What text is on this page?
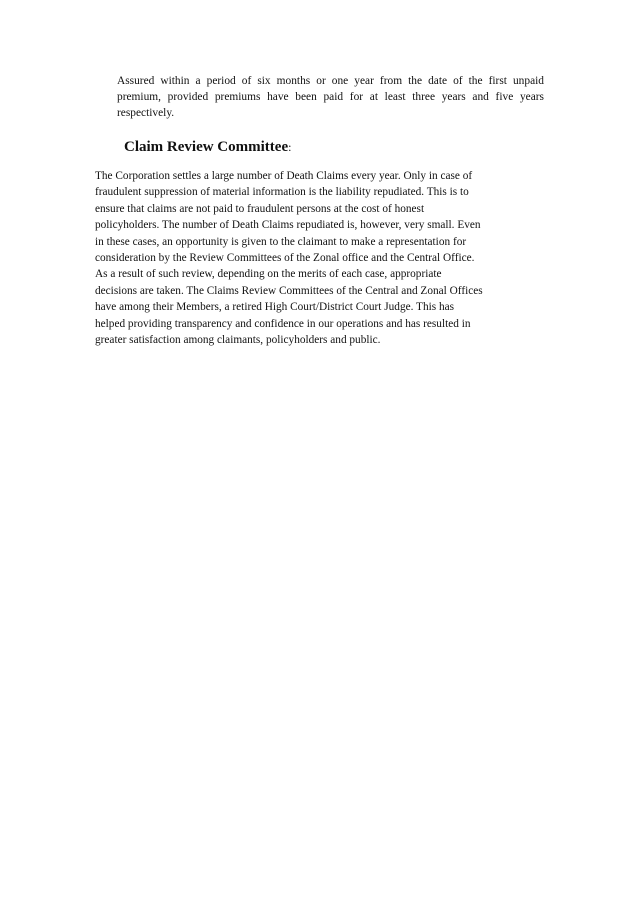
Assured within a period of six months or one year from the date of the first unpaid premium, provided premiums have been paid for at least three years and five years respectively.

Claim Review Committee:

The Corporation settles a large number of Death Claims every year. Only in case of
fraudulent suppression of material information is the liability repudiated. This is to
ensure that claims are not paid to fraudulent persons at the cost of honest
policyholders. The number of Death Claims repudiated is, however, very small. Even
in these cases, an opportunity is given to the claimant to make a representation for
consideration by the Review Committees of the Zonal office and the Central Office.
As a result of such review, depending on the merits of each case, appropriate
decisions are taken. The Claims Review Committees of the Central and Zonal Offices
have among their Members, a retired High Court/District Court Judge. This has
helped providing transparency and confidence in our operations and has resulted in
greater satisfaction among claimants, policyholders and public.
